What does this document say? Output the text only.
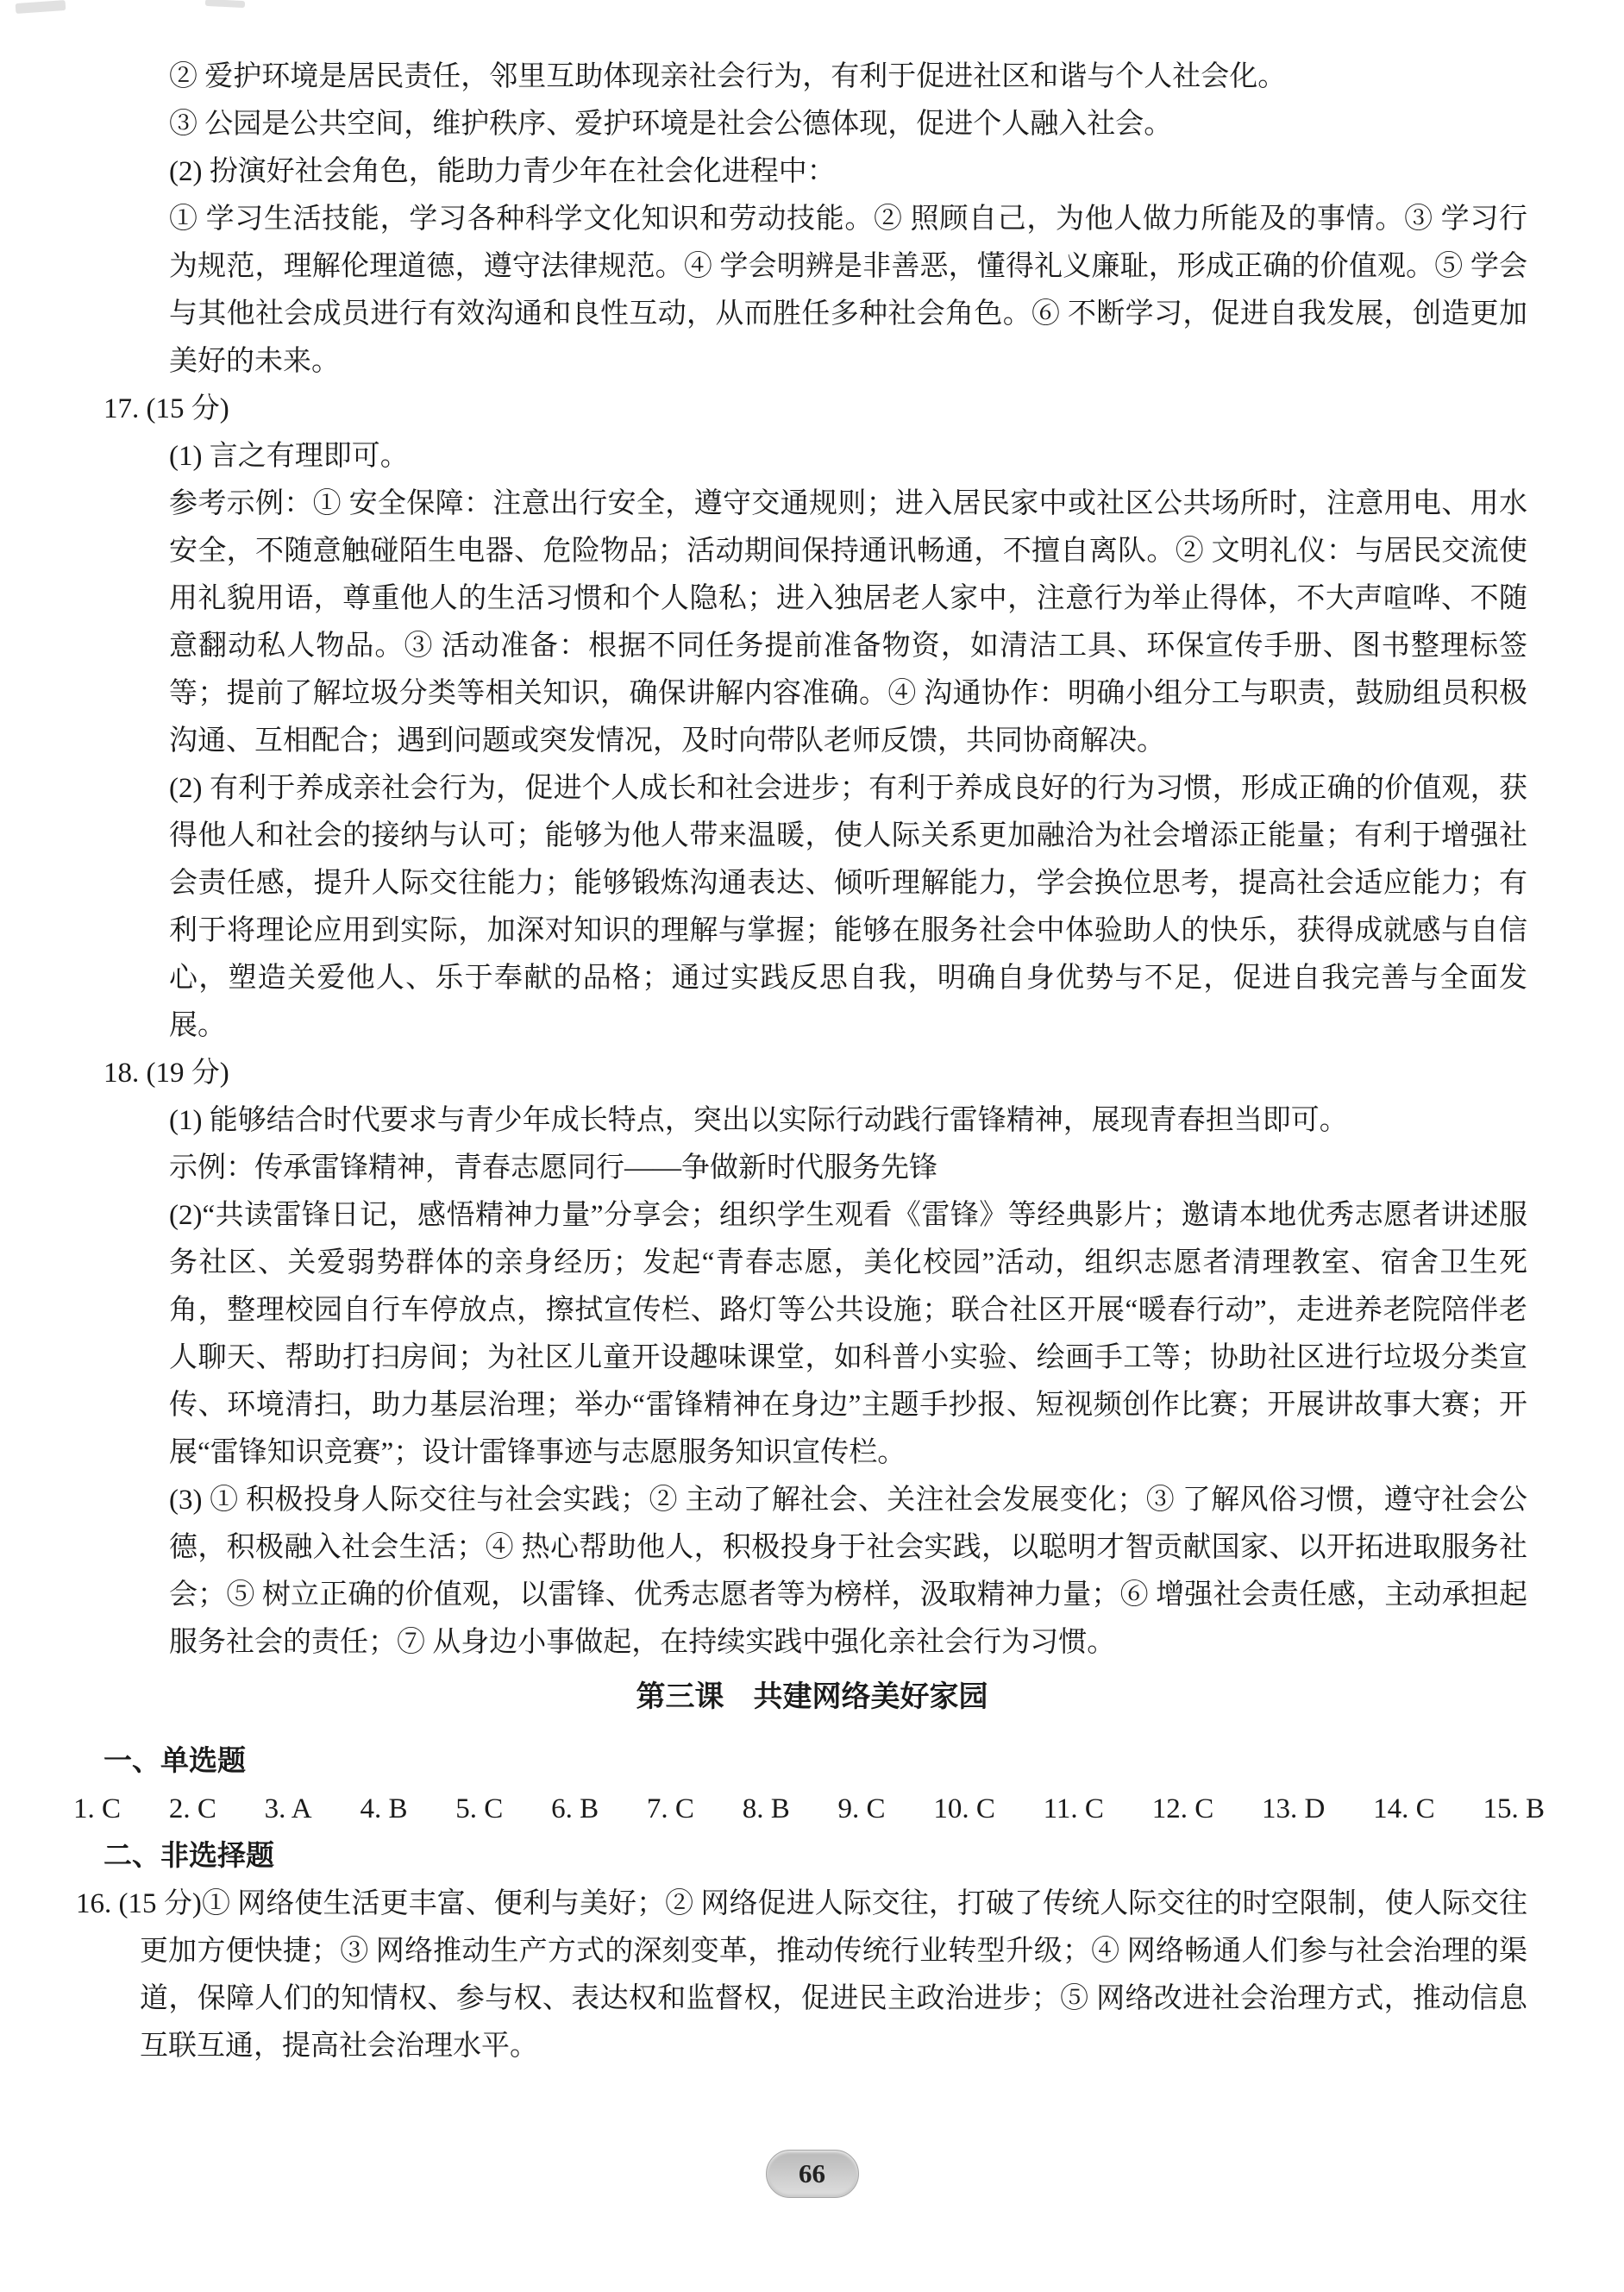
② 爱护环境是居民责任，邻里互助体现亲社会行为，有利于促进社区和谐与个人社会化。

③ 公园是公共空间，维护秩序、爱护环境是社会公德体现，促进个人融入社会。

(2) 扮演好社会角色，能助力青少年在社会化进程中：

① 学习生活技能，学习各种科学文化知识和劳动技能。② 照顾自己，为他人做力所能及的事情。③ 学习行为规范，理解伦理道德，遵守法律规范。④ 学会明辨是非善恶，懂得礼义廉耻，形成正确的价值观。⑤ 学会与其他社会成员进行有效沟通和良性互动，从而胜任多种社会角色。⑥ 不断学习，促进自我发展，创造更加美好的未来。

17. (15 分)

(1) 言之有理即可。

参考示例：① 安全保障：注意出行安全，遵守交通规则；进入居民家中或社区公共场所时，注意用电、用水安全，不随意触碰陌生电器、危险物品；活动期间保持通讯畅通，不擅自离队。② 文明礼仪：与居民交流使用礼貌用语，尊重他人的生活习惯和个人隐私；进入独居老人家中，注意行为举止得体，不大声喧哗、不随意翻动私人物品。③ 活动准备：根据不同任务提前准备物资，如清洁工具、环保宣传手册、图书整理标签等；提前了解垃圾分类等相关知识，确保讲解内容准确。④ 沟通协作：明确小组分工与职责，鼓励组员积极沟通、互相配合；遇到问题或突发情况，及时向带队老师反馈，共同协商解决。

(2) 有利于养成亲社会行为，促进个人成长和社会进步；有利于养成良好的行为习惯，形成正确的价值观，获得他人和社会的接纳与认可；能够为他人带来温暖，使人际关系更加融洽为社会增添正能量；有利于增强社会责任感，提升人际交往能力；能够锻炼沟通表达、倾听理解能力，学会换位思考，提高社会适应能力；有利于将理论应用到实际，加深对知识的理解与掌握；能够在服务社会中体验助人的快乐，获得成就感与自信心，塑造关爱他人、乐于奉献的品格；通过实践反思自我，明确自身优势与不足，促进自我完善与全面发展。

18. (19 分)

(1) 能够结合时代要求与青少年成长特点，突出以实际行动践行雷锋精神，展现青春担当即可。

示例：传承雷锋精神，青春志愿同行——争做新时代服务先锋

(2)“共读雷锋日记，感悟精神力量”分享会；组织学生观看《雷锋》等经典影片；邀请本地优秀志愿者讲述服务社区、关爱弱势群体的亲身经历；发起“青春志愿，美化校园”活动，组织志愿者清理教室、宿舍卫生死角，整理校园自行车停放点，擦拭宣传栏、路灯等公共设施；联合社区开展“暖春行动”，走进养老院陪伴老人聊天、帮助打扫房间；为社区儿童开设趣味课堂，如科普小实验、绘画手工等；协助社区进行垃圾分类宣传、环境清扫，助力基层治理；举办“雷锋精神在身边”主题手抄报、短视频创作比赛；开展讲故事大赛；开展“雷锋知识竞赛”；设计雷锋事迹与志愿服务知识宣传栏。

(3) ① 积极投身人际交往与社会实践；② 主动了解社会、关注社会发展变化；③ 了解风俗习惯，遵守社会公德，积极融入社会生活；④ 热心帮助他人，积极投身于社会实践，以聪明才智贡献国家、以开拓进取服务社会；⑤ 树立正确的价值观，以雷锋、优秀志愿者等为榜样，汲取精神力量；⑥ 增强社会责任感，主动承担起服务社会的责任；⑦ 从身边小事做起，在持续实践中强化亲社会行为习惯。

第三课　共建网络美好家园

一、单选题

1. C 2. C 3. A 4. B 5. C 6. B 7. C 8. B 9. C 10. C 11. C 12. C 13. D 14. C 15. B

二、非选择题

16. (15 分)① 网络使生活更丰富、便利与美好；② 网络促进人际交往，打破了传统人际交往的时空限制，使人际交往更加方便快捷；③ 网络推动生产方式的深刻变革，推动传统行业转型升级；④ 网络畅通人们参与社会治理的渠道，保障人们的知情权、参与权、表达权和监督权，促进民主政治进步；⑤ 网络改进社会治理方式，推动信息互联互通，提高社会治理水平。

66
